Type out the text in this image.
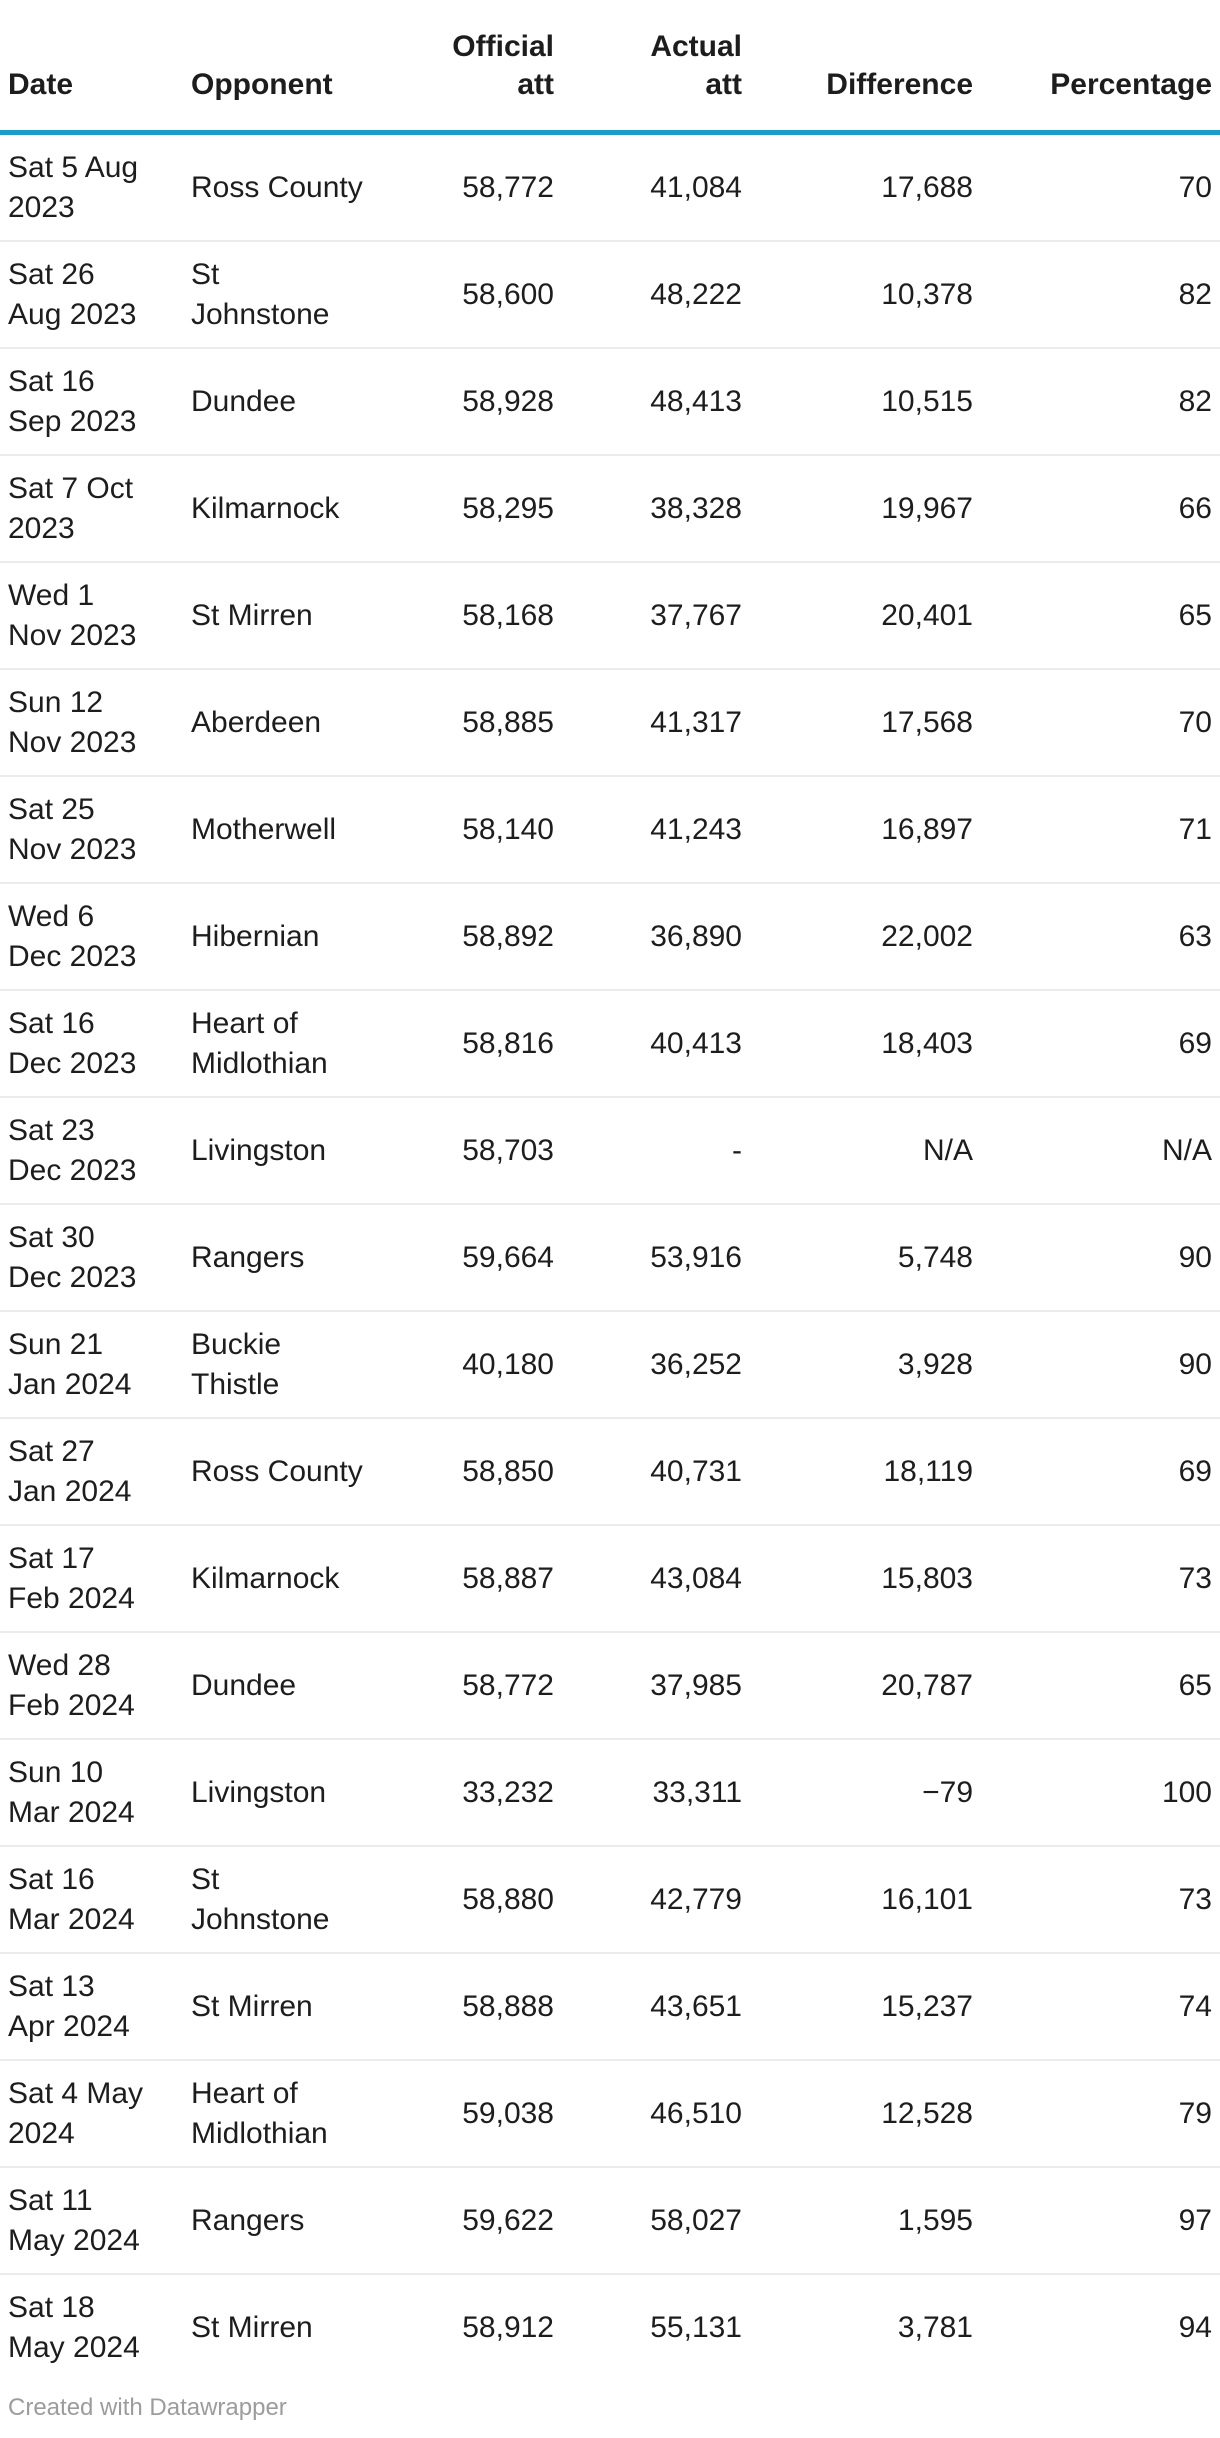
Date	Opponent	Official att	Actual att	Difference	Percentage
Sat 5 Aug 2023	Ross County	58,772	41,084	17,688	70
Sat 26 Aug 2023	St Johnstone	58,600	48,222	10,378	82
Sat 16 Sep 2023	Dundee	58,928	48,413	10,515	82
Sat 7 Oct 2023	Kilmarnock	58,295	38,328	19,967	66
Wed 1 Nov 2023	St Mirren	58,168	37,767	20,401	65
Sun 12 Nov 2023	Aberdeen	58,885	41,317	17,568	70
Sat 25 Nov 2023	Motherwell	58,140	41,243	16,897	71
Wed 6 Dec 2023	Hibernian	58,892	36,890	22,002	63
Sat 16 Dec 2023	Heart of Midlothian	58,816	40,413	18,403	69
Sat 23 Dec 2023	Livingston	58,703	-	N/A	N/A
Sat 30 Dec 2023	Rangers	59,664	53,916	5,748	90
Sun 21 Jan 2024	Buckie Thistle	40,180	36,252	3,928	90
Sat 27 Jan 2024	Ross County	58,850	40,731	18,119	69
Sat 17 Feb 2024	Kilmarnock	58,887	43,084	15,803	73
Wed 28 Feb 2024	Dundee	58,772	37,985	20,787	65
Sun 10 Mar 2024	Livingston	33,232	33,311	−79	100
Sat 16 Mar 2024	St Johnstone	58,880	42,779	16,101	73
Sat 13 Apr 2024	St Mirren	58,888	43,651	15,237	74
Sat 4 May 2024	Heart of Midlothian	59,038	46,510	12,528	79
Sat 11 May 2024	Rangers	59,622	58,027	1,595	97
Sat 18 May 2024	St Mirren	58,912	55,131	3,781	94
Created with Datawrapper
